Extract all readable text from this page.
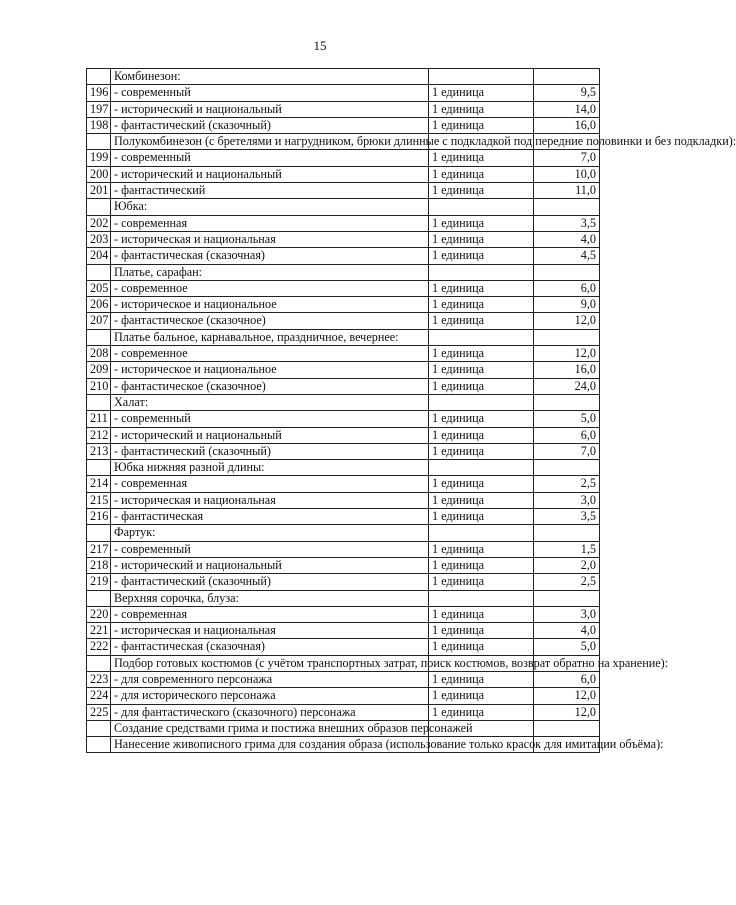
15
	Комбинезон:		
196	- современный	1 единица	9,5
197	- исторический и национальный	1 единица	14,0
198	- фантастический (сказочный)	1 единица	16,0
	Полукомбинезон (с бретелями и нагрудником, брюки длинные с подкладкой под передние половинки и без подкладки):		
199	- современный	1 единица	7,0
200	- исторический и национальный	1 единица	10,0
201	- фантастический	1 единица	11,0
	Юбка:		
202	- современная	1 единица	3,5
203	- историческая и национальная	1 единица	4,0
204	- фантастическая (сказочная)	1 единица	4,5
	Платье, сарафан:		
205	- современное	1 единица	6,0
206	- историческое и национальное	1 единица	9,0
207	- фантастическое (сказочное)	1 единица	12,0
	Платье бальное, карнавальное, праздничное, вечернее:		
208	- современное	1 единица	12,0
209	- историческое и национальное	1 единица	16,0
210	- фантастическое (сказочное)	1 единица	24,0
	Халат:		
211	- современный	1 единица	5,0
212	- исторический и национальный	1 единица	6,0
213	- фантастический (сказочный)	1 единица	7,0
	Юбка нижняя разной длины:		
214	- современная	1 единица	2,5
215	- историческая и национальная	1 единица	3,0
216	- фантастическая	1 единица	3,5
	Фартук:		
217	- современный	1 единица	1,5
218	- исторический и национальный	1 единица	2,0
219	- фантастический (сказочный)	1 единица	2,5
	Верхняя сорочка, блуза:		
220	- современная	1 единица	3,0
221	- историческая и национальная	1 единица	4,0
222	- фантастическая (сказочная)	1 единица	5,0
	Подбор готовых костюмов (с учётом транспортных затрат, поиск костюмов, возврат обратно на хранение):		
223	- для современного персонажа	1 единица	6,0
224	- для исторического персонажа	1 единица	12,0
225	- для фантастического (сказочного) персонажа	1 единица	12,0
	Создание средствами грима и постижа внешних образов персонажей		
	Нанесение живописного грима для создания образа (использование только красок для имитации объёма):		
